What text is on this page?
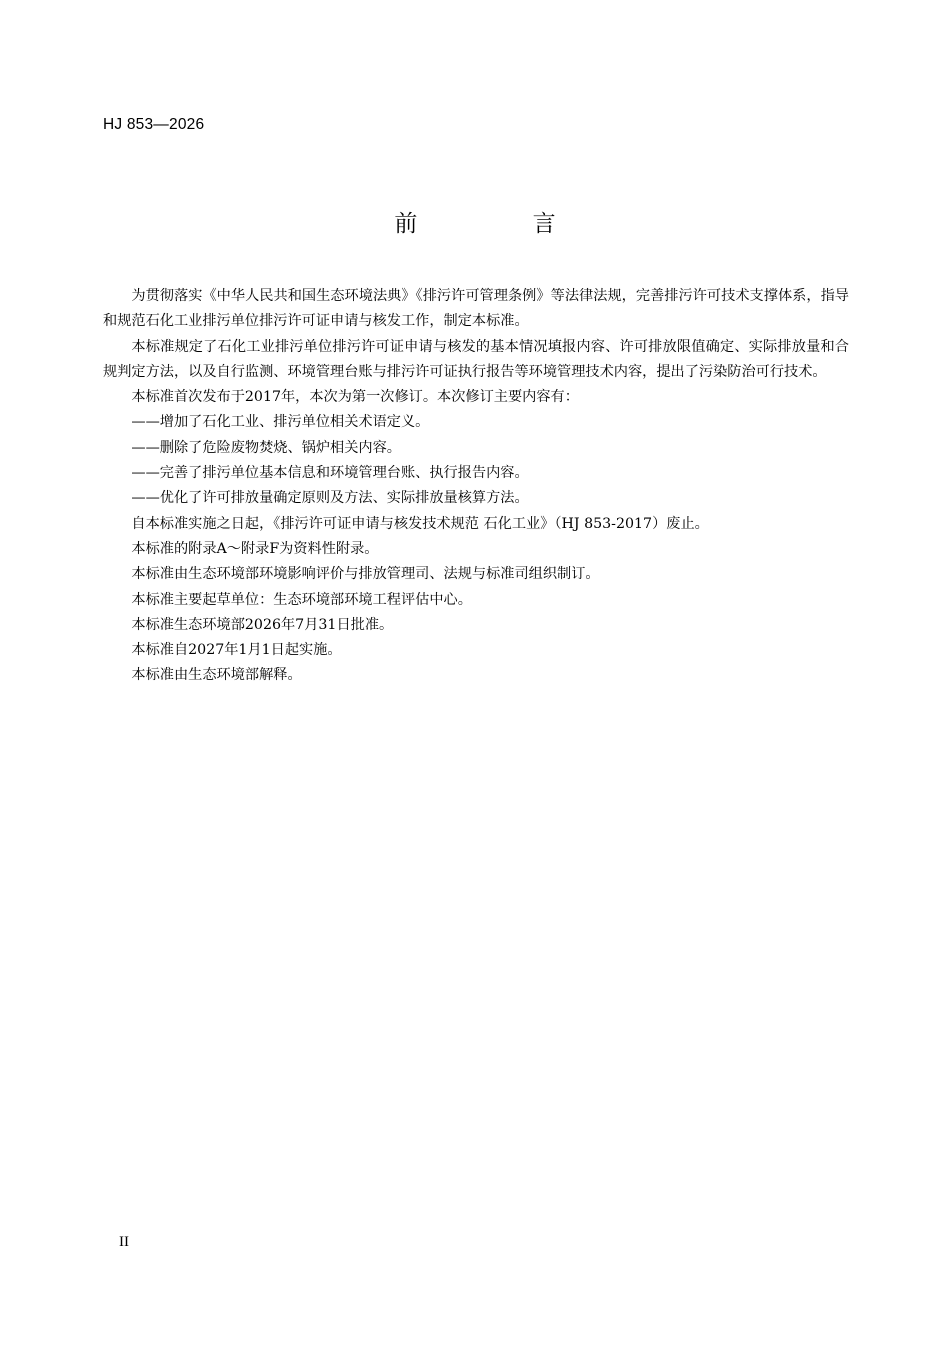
HJ 853—2026
前 言

为贯彻落实《中华人民共和国生态环境法典》《排污许可管理条例》等法律法规，完善排污许可技术支撑体系，指导和规范石化工业排污单位排污许可证申请与核发工作，制定本标准。

本标准规定了石化工业排污单位排污许可证申请与核发的基本情况填报内容、许可排放限值确定、实际排放量和合规判定方法，以及自行监测、环境管理台账与排污许可证执行报告等环境管理技术内容，提出了污染防治可行技术。

本标准首次发布于2017年，本次为第一次修订。本次修订主要内容有：

——增加了石化工业、排污单位相关术语定义。

——删除了危险废物焚烧、锅炉相关内容。

——完善了排污单位基本信息和环境管理台账、执行报告内容。

——优化了许可排放量确定原则及方法、实际排放量核算方法。

自本标准实施之日起，《排污许可证申请与核发技术规范 石化工业》（HJ 853-2017）废止。

本标准的附录A～附录F为资料性附录。

本标准由生态环境部环境影响评价与排放管理司、法规与标准司组织制订。

本标准主要起草单位：生态环境部环境工程评估中心。

本标准生态环境部2026年7月31日批准。

本标准自2027年1月1日起实施。

本标准由生态环境部解释。

II
